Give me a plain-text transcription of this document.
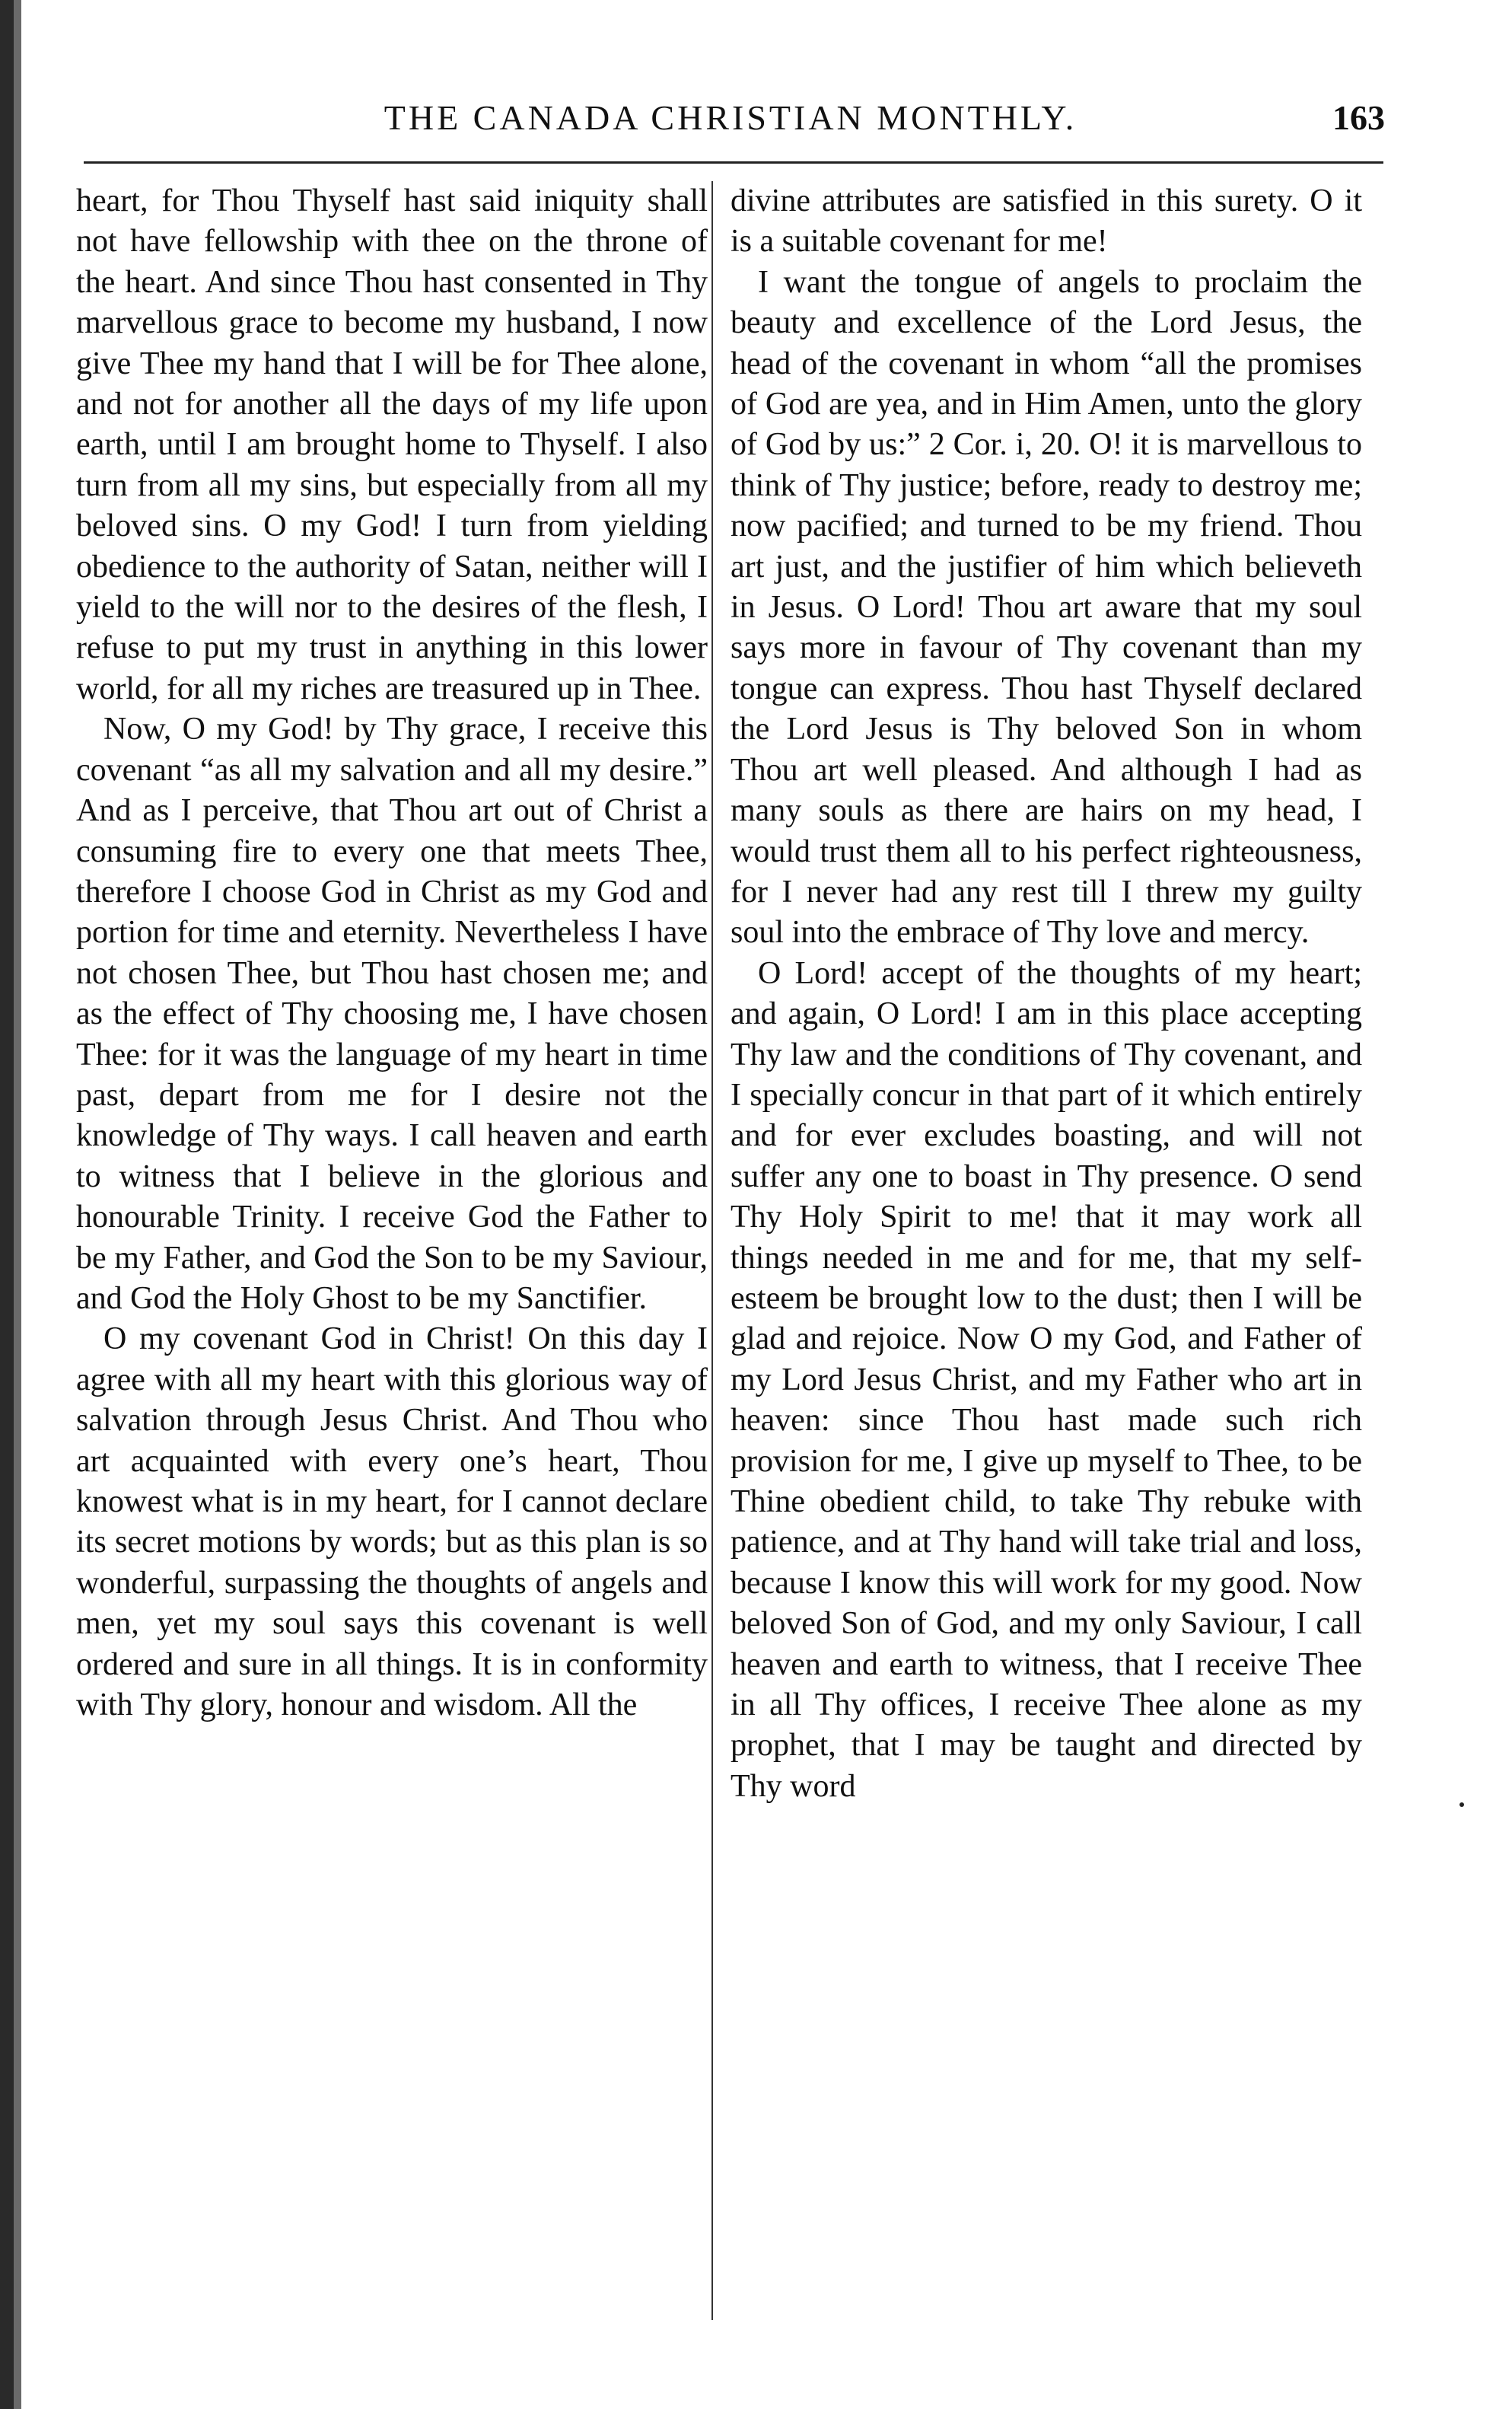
THE CANADA CHRISTIAN MONTHLY.	163

heart, for Thou Thyself hast said iniquity shall not have fellowship with thee on the throne of the heart. And since Thou hast consented in Thy marvellous grace to become my husband, I now give Thee my hand that I will be for Thee alone, and not for another all the days of my life upon earth, until I am brought home to Thyself. I also turn from all my sins, but especially from all my beloved sins. O my God! I turn from yielding obedience to the authority of Satan, neither will I yield to the will nor to the desires of the flesh, I refuse to put my trust in anything in this lower world, for all my riches are treasured up in Thee.

Now, O my God! by Thy grace, I receive this covenant “as all my salvation and all my desire.” And as I perceive, that Thou art out of Christ a consuming fire to every one that meets Thee, therefore I choose God in Christ as my God and portion for time and eternity. Nevertheless I have not chosen Thee, but Thou hast chosen me; and as the effect of Thy choosing me, I have chosen Thee: for it was the language of my heart in time past, depart from me for I desire not the knowledge of Thy ways. I call heaven and earth to witness that I believe in the glorious and honourable Trinity. I receive God the Father to be my Father, and God the Son to be my Saviour, and God the Holy Ghost to be my Sanctifier.

O my covenant God in Christ! On this day I agree with all my heart with this glorious way of salvation through Jesus Christ. And Thou who art acquainted with every one’s heart, Thou knowest what is in my heart, for I cannot declare its secret motions by words; but as this plan is so wonderful, surpassing the thoughts of angels and men, yet my soul says this covenant is well ordered and sure in all things. It is in conformity with Thy glory, honour and wisdom. All the

divine attributes are satisfied in this surety. O it is a suitable covenant for me!

I want the tongue of angels to proclaim the beauty and excellence of the Lord Jesus, the head of the covenant in whom “all the promises of God are yea, and in Him Amen, unto the glory of God by us:” 2 Cor. i, 20. O! it is marvellous to think of Thy justice; before, ready to destroy me; now pacified; and turned to be my friend. Thou art just, and the justifier of him which believeth in Jesus. O Lord! Thou art aware that my soul says more in favour of Thy covenant than my tongue can express. Thou hast Thyself declared the Lord Jesus is Thy beloved Son in whom Thou art well pleased. And although I had as many souls as there are hairs on my head, I would trust them all to his perfect righteousness, for I never had any rest till I threw my guilty soul into the embrace of Thy love and mercy.

O Lord! accept of the thoughts of my heart; and again, O Lord! I am in this place accepting Thy law and the conditions of Thy covenant, and I specially concur in that part of it which entirely and for ever excludes boasting, and will not suffer any one to boast in Thy presence. O send Thy Holy Spirit to me! that it may work all things needed in me and for me, that my self-esteem be brought low to the dust; then I will be glad and rejoice. Now O my God, and Father of my Lord Jesus Christ, and my Father who art in heaven: since Thou hast made such rich provision for me, I give up myself to Thee, to be Thine obedient child, to take Thy rebuke with patience, and at Thy hand will take trial and loss, because I know this will work for my good. Now beloved Son of God, and my only Saviour, I call heaven and earth to witness, that I receive Thee in all Thy offices, I receive Thee alone as my prophet, that I may be taught and directed by Thy word
